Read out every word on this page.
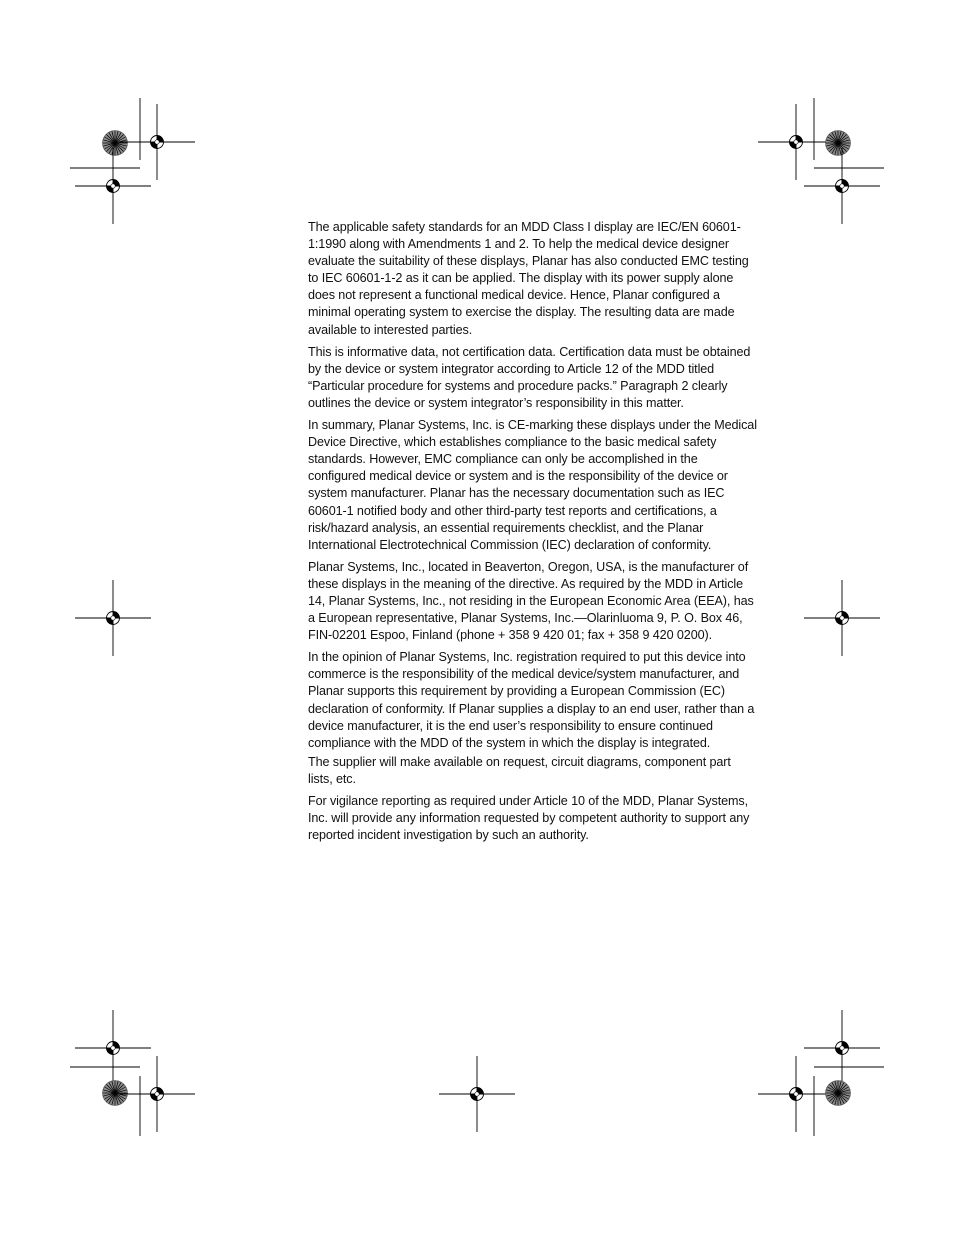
The applicable safety standards for an MDD Class I display are IEC/EN 60601-1:1990 along with Amendments 1 and 2. To help the medical device designer evaluate the suitability of these displays, Planar has also conducted EMC testing to IEC 60601-1-2 as it can be applied. The display with its power supply alone does not represent a functional medical device. Hence, Planar configured a minimal operating system to exercise the display. The resulting data are made available to interested parties.

This is informative data, not certification data. Certification data must be obtained by the device or system integrator according to Article 12 of the MDD titled “Particular procedure for systems and procedure packs.” Paragraph 2 clearly outlines the device or system integrator’s responsibility in this matter.

In summary, Planar Systems, Inc. is CE-marking these displays under the Medical Device Directive, which establishes compliance to the basic medical safety standards. However, EMC compliance can only be accomplished in the configured medical device or system and is the responsibility of the device or system manufacturer. Planar has the necessary documentation such as IEC 60601-1 notified body and other third-party test reports and certifications, a risk/hazard analysis, an essential requirements checklist, and the Planar International Electrotechnical Commission (IEC) declaration of conformity.

Planar Systems, Inc., located in Beaverton, Oregon, USA, is the manufacturer of these displays in the meaning of the directive. As required by the MDD in Article 14, Planar Systems, Inc., not residing in the European Economic Area (EEA), has a European representative, Planar Systems, Inc.—Olarinluoma 9, P. O. Box 46, FIN-02201 Espoo, Finland (phone + 358 9 420 01; fax + 358 9 420 0200).

In the opinion of Planar Systems, Inc. registration required to put this device into commerce is the responsibility of the medical device/system manufacturer, and Planar supports this requirement by providing a European Commission (EC) declaration of conformity. If Planar supplies a display to an end user, rather than a device manufacturer, it is the end user’s responsibility to ensure continued compliance with the MDD of the system in which the display is integrated.

The supplier will make available on request, circuit diagrams, component part lists, etc.

For vigilance reporting as required under Article 10 of the MDD, Planar Systems, Inc. will provide any information requested by competent authority to support any reported incident investigation by such an authority.
